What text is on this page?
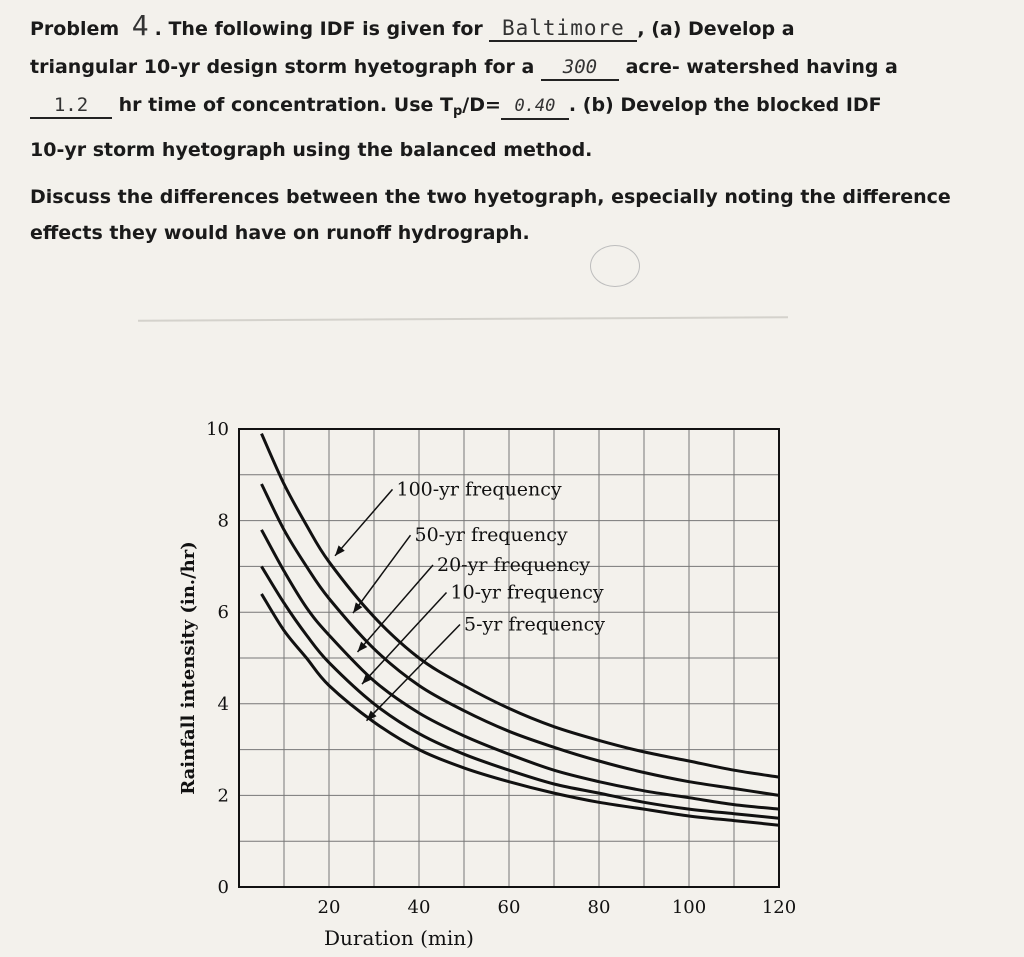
Problem 4 . The following IDF is given for Baltimore , (a) Develop a
triangular 10-yr design storm hyetograph for a 300 acre- watershed having a
1.2 hr time of concentration. Use $T_p/D= 0.40$ . (b) Develop the blocked IDF
10-yr storm hyetograph using the balanced method.

Discuss the differences between the two hyetograph, especially noting the difference effects they would have on runoff hydrograph.

100-yr frequency
50-yr frequency
20-yr frequency
10-yr frequency
5-yr frequency
20	40	60	80	100	120
0
2
4
6
8
10
Duration (min)
Rainfall intensity (in./hr)
